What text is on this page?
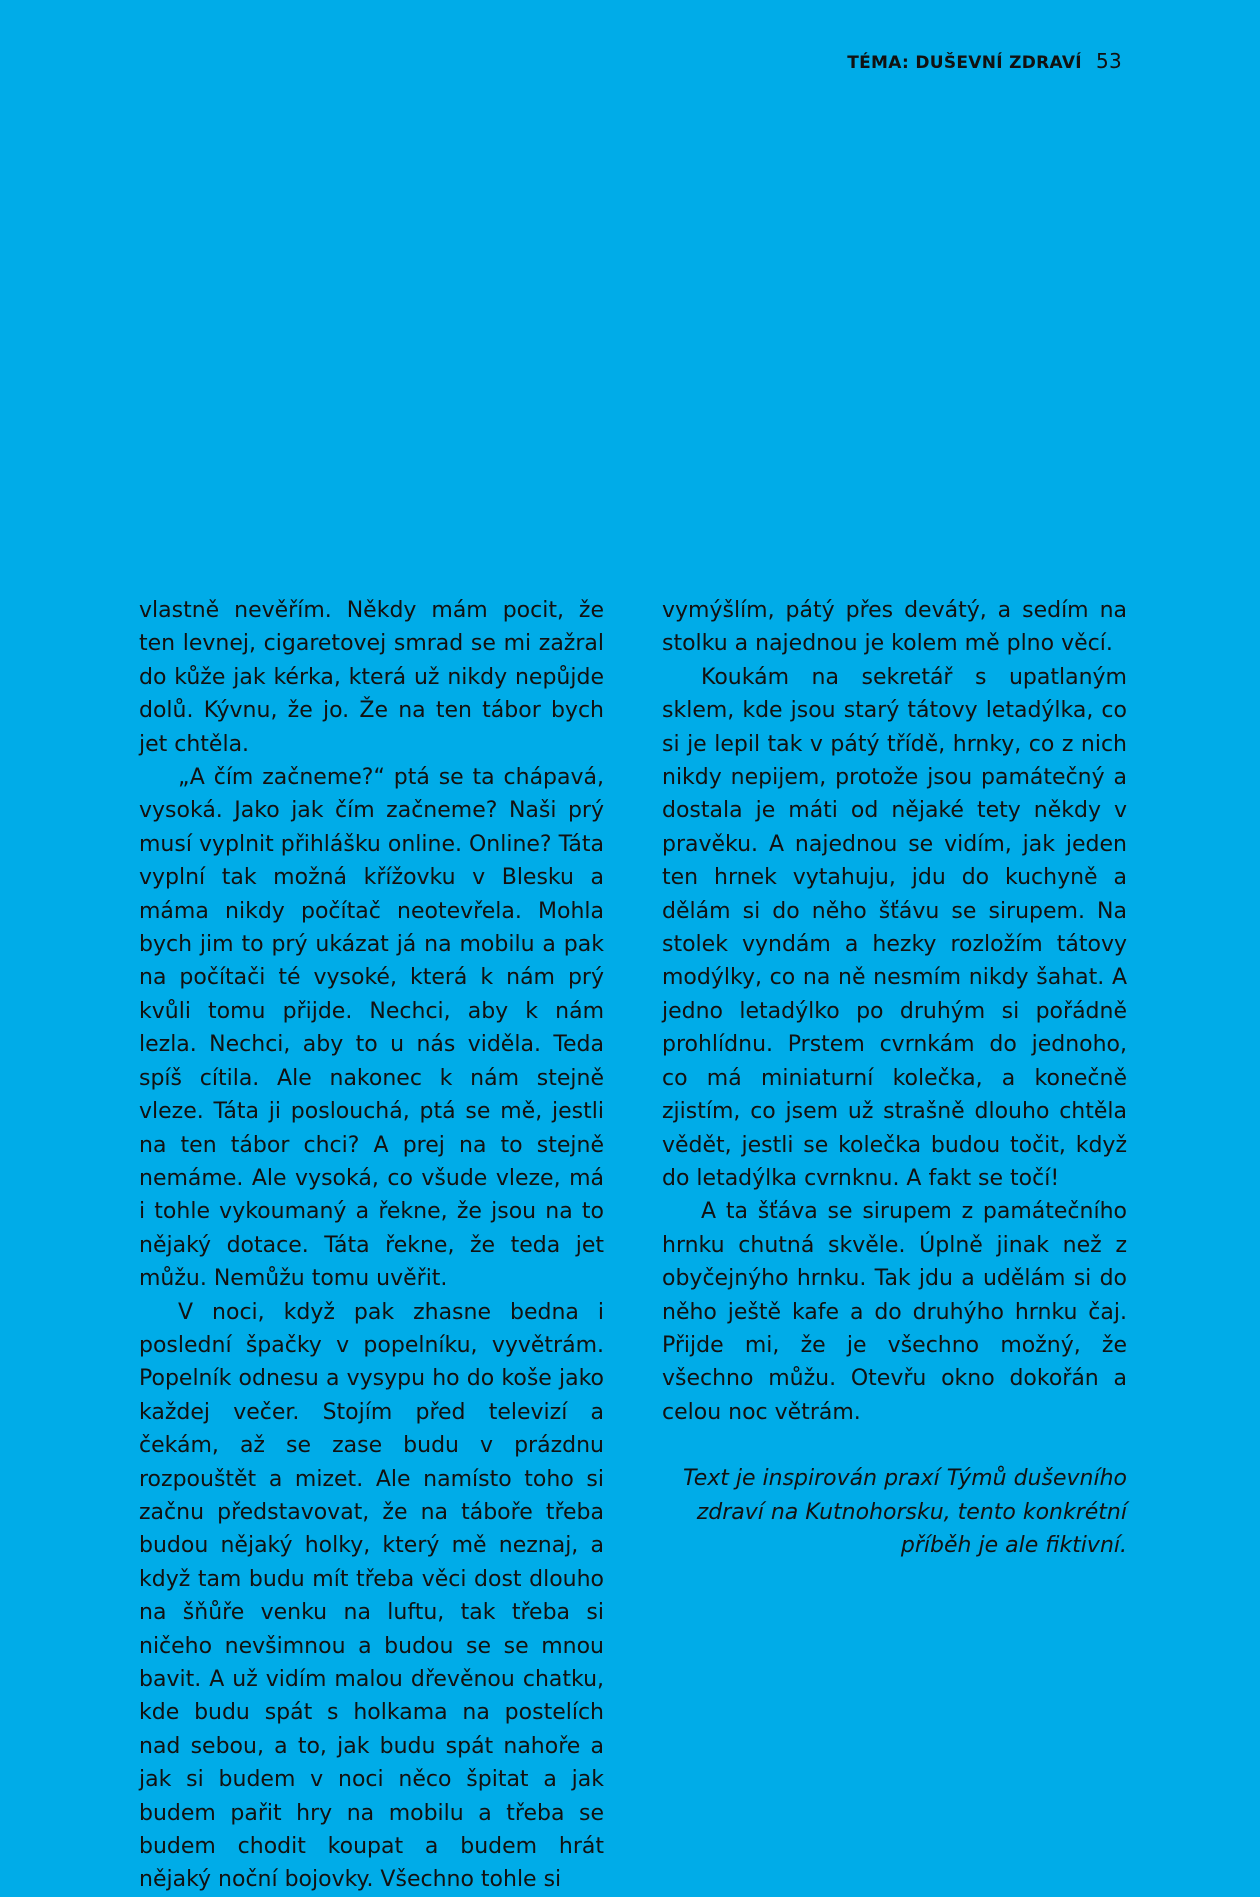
TÉMA: DUŠEVNÍ ZDRAVÍ 53

vlastně nevěřím. Někdy mám pocit, že ten levnej, cigaretovej smrad se mi zažral do kůže jak kérka, která už nikdy nepůjde dolů. Kývnu, že jo. Že na ten tábor bych jet chtěla.

„A čím začneme?“ ptá se ta chápavá, vysoká. Jako jak čím začneme? Naši prý musí vyplnit přihlášku online. Online? Táta vyplní tak možná křížovku v Blesku a máma nikdy počítač neotevřela. Mohla bych jim to prý ukázat já na mobilu a pak na počítači té vysoké, která k nám prý kvůli tomu přijde. Nechci, aby k nám lezla. Nechci, aby to u nás viděla. Teda spíš cítila. Ale nakonec k nám stejně vleze. Táta ji poslouchá, ptá se mě, jestli na ten tábor chci? A prej na to stejně nemáme. Ale vysoká, co všude vleze, má i tohle vykoumaný a řekne, že jsou na to nějaký dotace. Táta řekne, že teda jet můžu. Nemůžu tomu uvěřit.

V noci, když pak zhasne bedna i poslední špačky v popelníku, vyvětrám. Popelník odnesu a vysypu ho do koše jako každej večer. Stojím před televizí a čekám, až se zase budu v prázdnu rozpouštět a mizet. Ale namísto toho si začnu představovat, že na táboře třeba budou nějaký holky, který mě neznaj, a když tam budu mít třeba věci dost dlouho na šňůře venku na luftu, tak třeba si ničeho nevšimnou a budou se se mnou bavit. A už vidím malou dřevěnou chatku, kde budu spát s holkama na postelích nad sebou, a to, jak budu spát nahoře a jak si budem v noci něco špitat a jak budem pařit hry na mobilu a třeba se budem chodit koupat a budem hrát nějaký noční bojovky. Všechno tohle si

vymýšlím, pátý přes devátý, a sedím na stolku a najednou je kolem mě plno věcí.

Koukám na sekretář s upatlaným sklem, kde jsou starý tátovy letadýlka, co si je lepil tak v pátý třídě, hrnky, co z nich nikdy nepijem, protože jsou památečný a dostala je máti od nějaké tety někdy v pravěku. A najednou se vidím, jak jeden ten hrnek vytahuju, jdu do kuchyně a dělám si do něho šťávu se sirupem. Na stolek vyndám a hezky rozložím tátovy modýlky, co na ně nesmím nikdy šahat. A jedno letadýlko po druhým si pořádně prohlídnu. Prstem cvrnkám do jednoho, co má miniaturní kolečka, a konečně zjistím, co jsem už strašně dlouho chtěla vědět, jestli se kolečka budou točit, když do letadýlka cvrnknu. A fakt se točí!

A ta šťáva se sirupem z památečního hrnku chutná skvěle. Úplně jinak než z obyčejnýho hrnku. Tak jdu a udělám si do něho ještě kafe a do druhýho hrnku čaj. Přijde mi, že je všechno možný, že všechno můžu. Otevřu okno dokořán a celou noc větrám.

Text je inspirován praxí Týmů duševního zdraví na Kutnohorsku, tento konkrétní příběh je ale fiktivní.
